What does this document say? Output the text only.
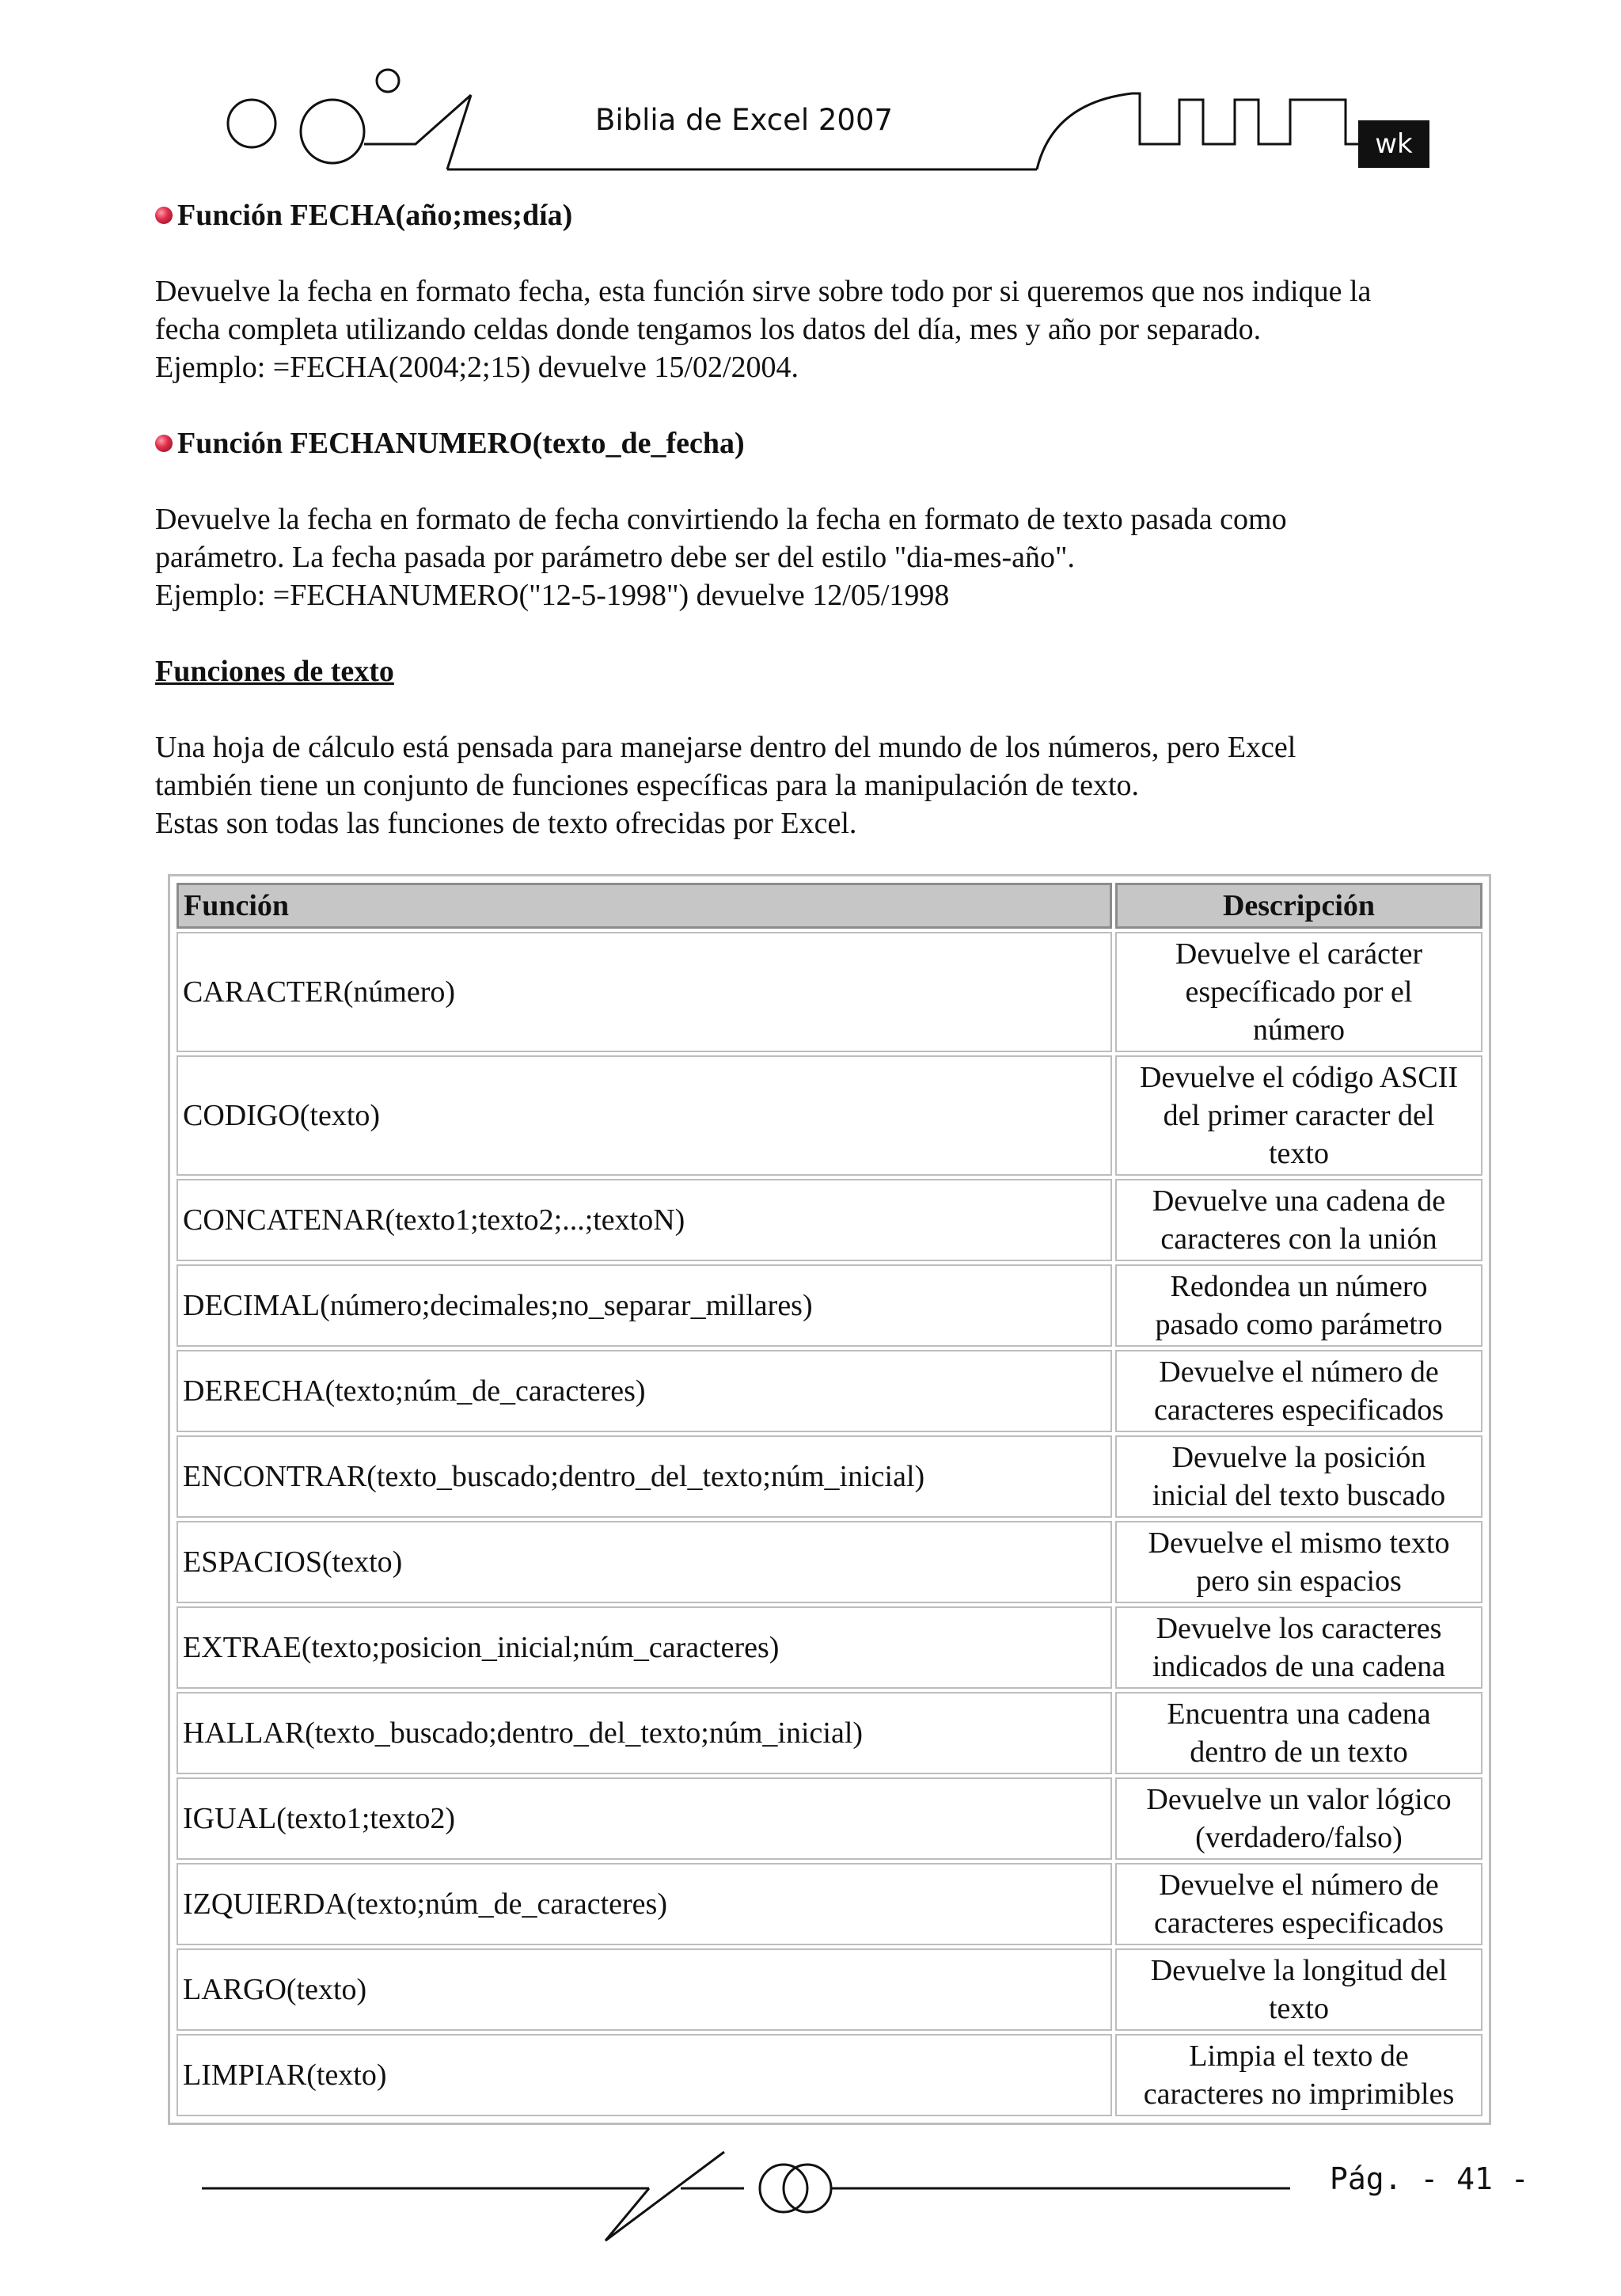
Biblia de Excel 2007
wk

Función FECHA(año;mes;día)

Devuelve la fecha en formato fecha, esta función sirve sobre todo por si queremos que nos indique la

fecha completa utilizando celdas donde tengamos los datos del día, mes y año por separado.

Ejemplo: =FECHA(2004;2;15) devuelve 15/02/2004.

Función FECHANUMERO(texto_de_fecha)

Devuelve la fecha en formato de fecha convirtiendo la fecha en formato de texto pasada como

parámetro. La fecha pasada por parámetro debe ser del estilo "dia-mes-año".

Ejemplo: =FECHANUMERO("12-5-1998") devuelve 12/05/1998

Funciones de texto

Una hoja de cálculo está pensada para manejarse dentro del mundo de los números, pero Excel

también tiene un conjunto de funciones específicas para la manipulación de texto.

Estas son todas las funciones de texto ofrecidas por Excel.

Función	Descripción
CARACTER(número)	Devuelve el carácter
específicado por el
número

CODIGO(texto)	Devuelve el código ASCII
del primer caracter del
texto

CONCATENAR(texto1;texto2;...;textoN)	Devuelve una cadena de
caracteres con la unión

DECIMAL(número;decimales;no_separar_millares)	Redondea un número
pasado como parámetro

DERECHA(texto;núm_de_caracteres)	Devuelve el número de
caracteres especificados

ENCONTRAR(texto_buscado;dentro_del_texto;núm_inicial)	Devuelve la posición
inicial del texto buscado

ESPACIOS(texto)	Devuelve el mismo texto
pero sin espacios

EXTRAE(texto;posicion_inicial;núm_caracteres)	Devuelve los caracteres
indicados de una cadena

HALLAR(texto_buscado;dentro_del_texto;núm_inicial)	Encuentra una cadena
dentro de un texto

IGUAL(texto1;texto2)	Devuelve un valor lógico
(verdadero/falso)

IZQUIERDA(texto;núm_de_caracteres)	Devuelve el número de
caracteres especificados

LARGO(texto)	Devuelve la longitud del
texto

LIMPIAR(texto)	Limpia el texto de
caracteres no imprimibles
Pág. - 41 -
